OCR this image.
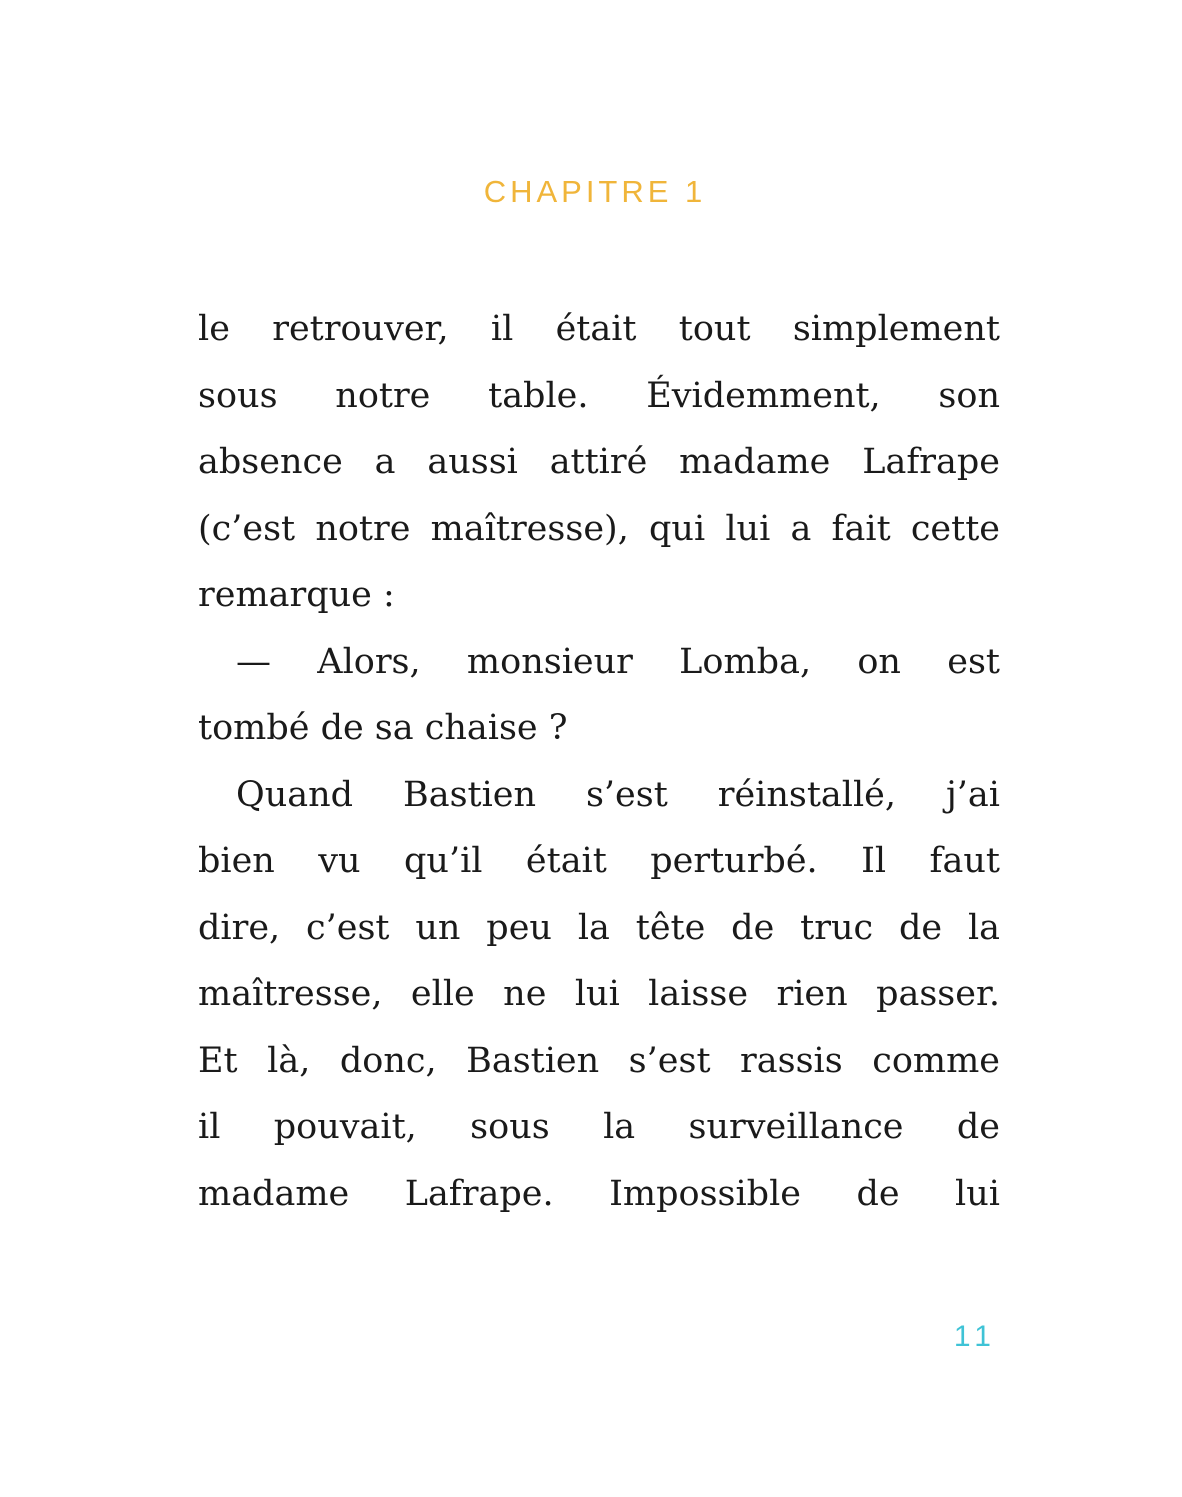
CHAPITRE 1
le retrouver, il était tout simplement
sous notre table. Évidemment, son
absence a aussi attiré madame Lafrape
(c’est notre maîtresse), qui lui a fait cette
remarque :
— Alors, monsieur Lomba, on est
tombé de sa chaise ?
Quand Bastien s’est réinstallé, j’ai
bien vu qu’il était perturbé. Il faut
dire, c’est un peu la tête de truc de la
maîtresse, elle ne lui laisse rien passer.
Et là, donc, Bastien s’est rassis comme
il pouvait, sous la surveillance de
madame Lafrape. Impossible de lui
11
